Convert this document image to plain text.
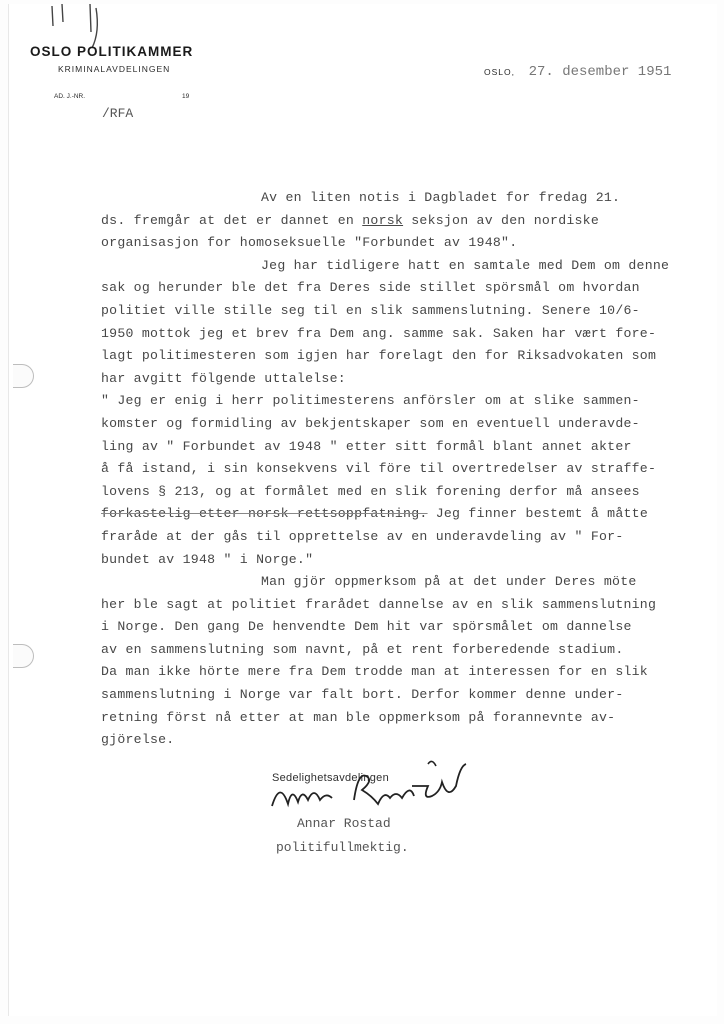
OSLO POLITIKAMMER
KRIMINALAVDELINGEN
AD. J.-NR.	19
/RFA
OSLO, 27. desember 1951
Av en liten notis i Dagbladet for fredag 21.
ds. fremgår at det er dannet en norsk seksjon av den nordiske
organisasjon for homoseksuelle "Forbundet av 1948".
Jeg har tidligere hatt en samtale med Dem om denne
sak og herunder ble det fra Deres side stillet spörsmål om hvordan
politiet ville stille seg til en slik sammenslutning. Senere 10/6-
1950 mottok jeg et brev fra Dem ang. samme sak. Saken har vært fore-
lagt politimesteren som igjen har forelagt den for Riksadvokaten som
har avgitt fölgende uttalelse:
" Jeg er enig i herr politimesterens anförsler om at slike sammen-
komster og formidling av bekjentskaper som en eventuell underavde-
ling av " Forbundet av 1948 " etter sitt formål blant annet akter
å få istand, i sin konsekvens vil före til overtredelser av straffe-
lovens § 213, og at formålet med en slik forening derfor må ansees
forkastelig etter norsk rettsoppfatning. Jeg finner bestemt å måtte
fraråde at der gås til opprettelse av en underavdeling av " For-
bundet av 1948 " i Norge."
Man gjör oppmerksom på at det under Deres möte
her ble sagt at politiet frarådet dannelse av en slik sammenslutning
i Norge. Den gang De henvendte Dem hit var spörsmålet om dannelse
av en sammenslutning som navnt, på et rent forberedende stadium.
Da man ikke hörte mere fra Dem trodde man at interessen for en slik
sammenslutning i Norge var falt bort. Derfor kommer denne under-
retning först nå etter at man ble oppmerksom på forannevnte av-
gjörelse.
Sedelighetsavdelingen
Annar Rostad
politifullmektig.
